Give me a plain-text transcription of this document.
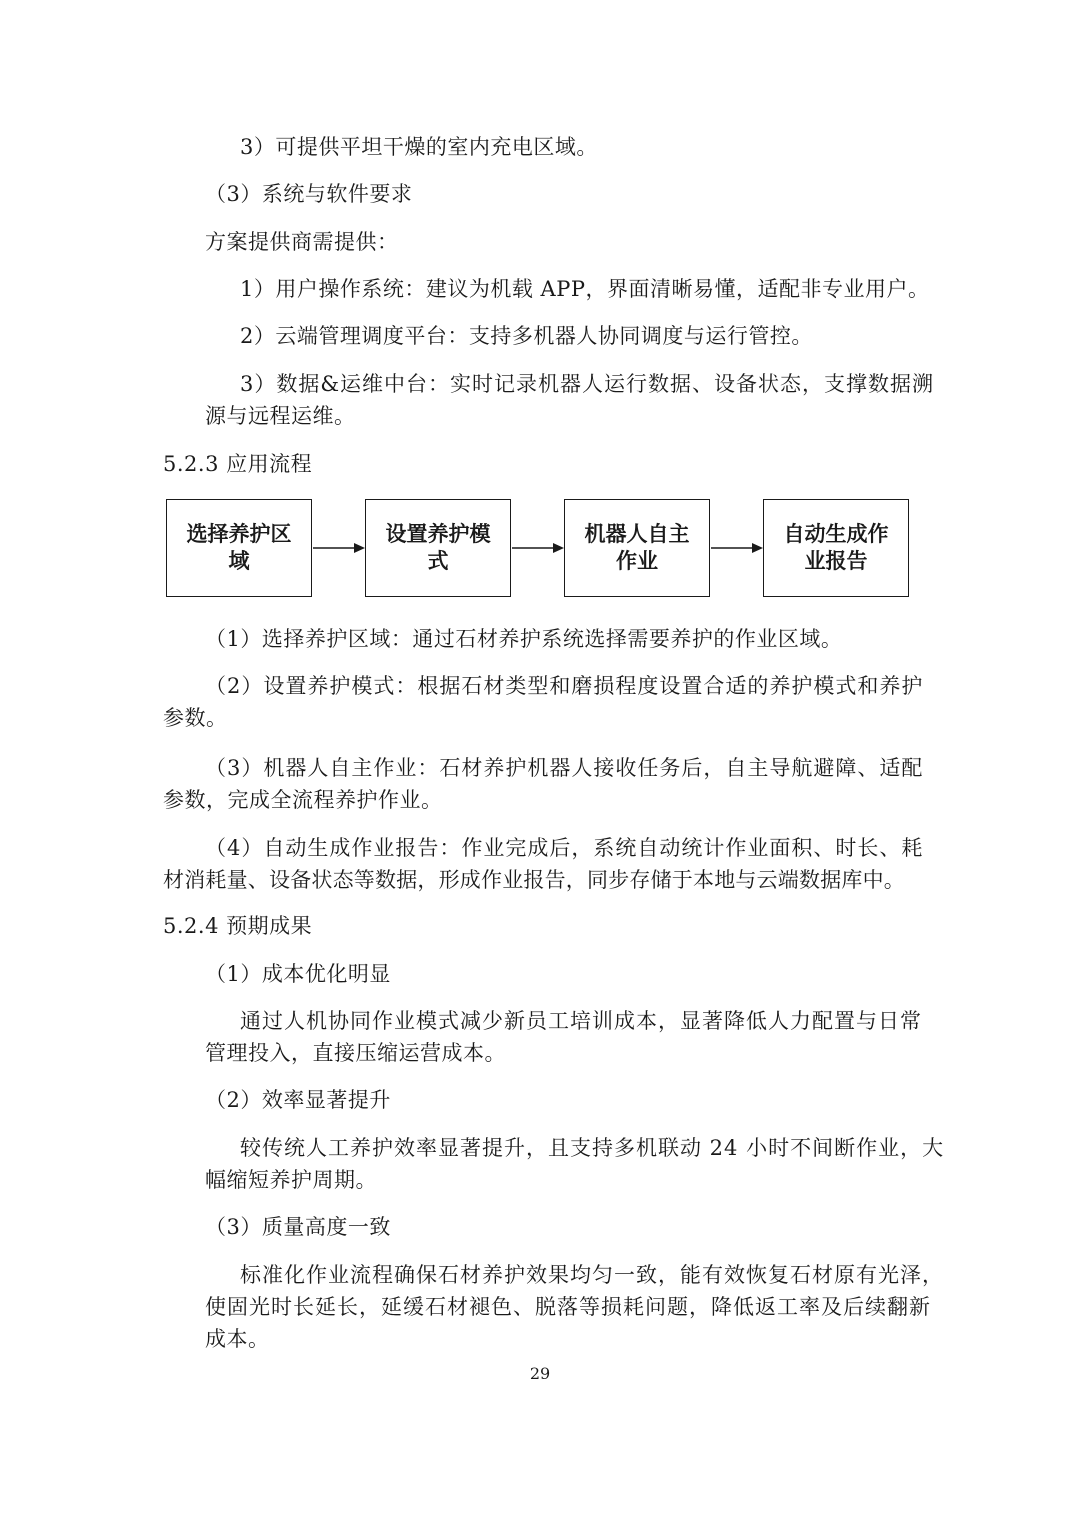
3）可提供平坦干燥的室内充电区域。

（3）系统与软件要求

方案提供商需提供：

1）用户操作系统：建议为机载 APP，界面清晰易懂，适配非专业用户。

2）云端管理调度平台：支持多机器人协同调度与运行管控。

3）数据&运维中台：实时记录机器人运行数据、设备状态，支撑数据溯

源与远程运维。

5.2.3 应用流程

选择养护区域
设置养护模式
机器人自主作业
自动生成作业报告

（1）选择养护区域：通过石材养护系统选择需要养护的作业区域。

（2）设置养护模式：根据石材类型和磨损程度设置合适的养护模式和养护

参数。

（3）机器人自主作业：石材养护机器人接收任务后，自主导航避障、适配

参数，完成全流程养护作业。

（4）自动生成作业报告：作业完成后，系统自动统计作业面积、时长、耗

材消耗量、设备状态等数据，形成作业报告，同步存储于本地与云端数据库中。

5.2.4 预期成果

（1）成本优化明显

通过人机协同作业模式减少新员工培训成本，显著降低人力配置与日常

管理投入，直接压缩运营成本。

（2）效率显著提升

较传统人工养护效率显著提升，且支持多机联动 24 小时不间断作业，大

幅缩短养护周期。

（3）质量高度一致

标准化作业流程确保石材养护效果均匀一致，能有效恢复石材原有光泽，

使固光时长延长，延缓石材褪色、脱落等损耗问题，降低返工率及后续翻新

成本。

29
